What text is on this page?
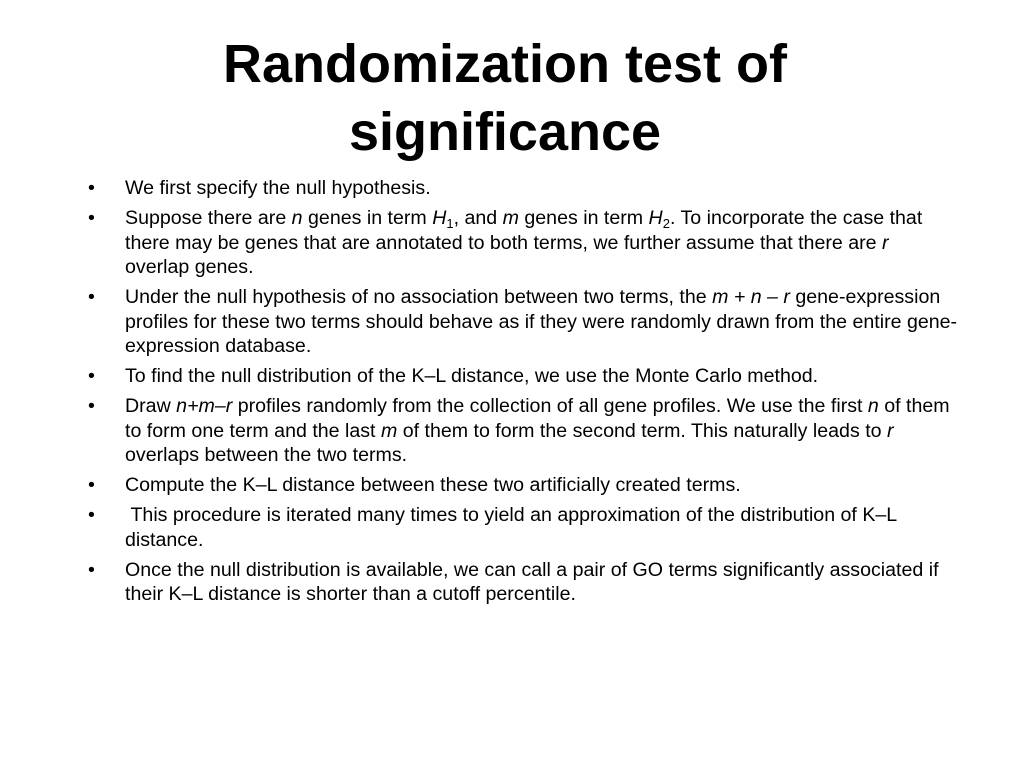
Randomization test of
significance
• We first specify the null hypothesis.
• Suppose there are n genes in term $H_1$, and m genes in term $H_2$. To incorporate the case that there may be genes that are annotated to both terms, we further assume that there are r overlap genes.
• Under the null hypothesis of no association between two terms, the m + n – r gene-expression profiles for these two terms should behave as if they were randomly drawn from the entire gene-expression database.
• To find the null distribution of the K–L distance, we use the Monte Carlo method.
• Draw n+m–r profiles randomly from the collection of all gene profiles. We use the first n of them to form one term and the last m of them to form the second term. This naturally leads to r overlaps between the two terms.
• Compute the K–L distance between these two artificially created terms.
• This procedure is iterated many times to yield an approximation of the distribution of K–L distance.
• Once the null distribution is available, we can call a pair of GO terms significantly associated if their K–L distance is shorter than a cutoff percentile.
